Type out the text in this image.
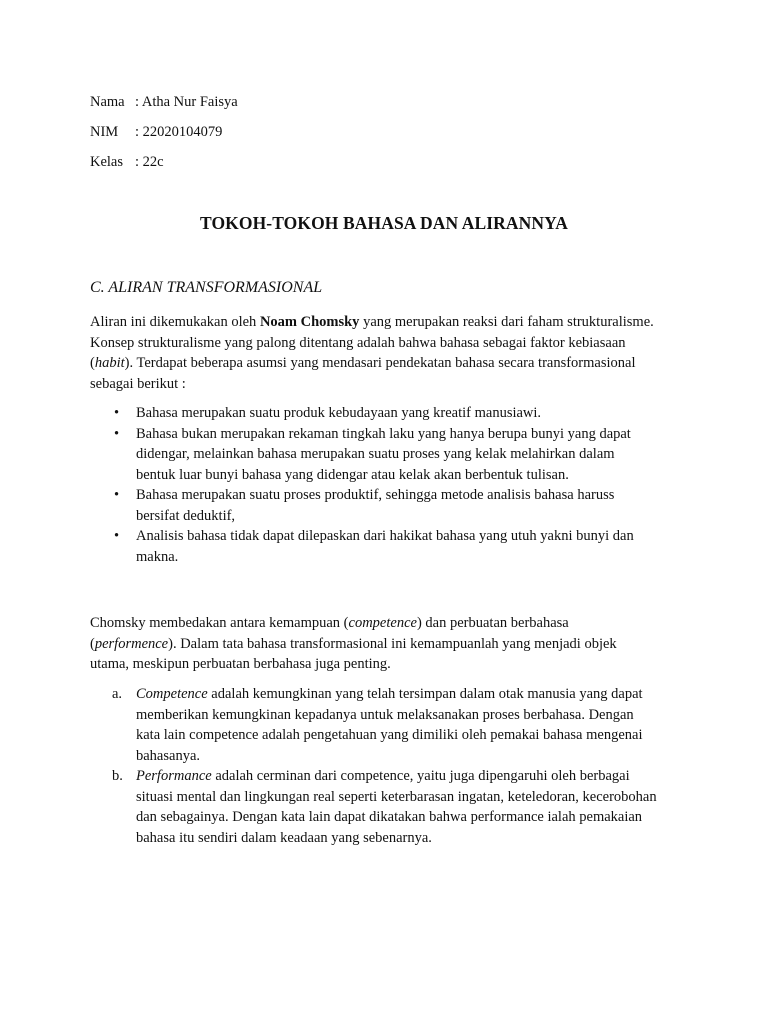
Nama : Atha Nur Faisya
NIM	: 22020104079
Kelas : 22c
TOKOH-TOKOH BAHASA DAN ALIRANNYA
C. ALIRAN TRANSFORMASIONAL

Aliran ini dikemukakan oleh Noam Chomsky yang merupakan reaksi dari faham strukturalisme.
Konsep strukturalisme yang palong ditentang adalah bahwa bahasa sebagai faktor kebiasaan
(habit). Terdapat beberapa asumsi yang mendasari pendekatan bahasa secara transformasional
sebagai berikut :

• Bahasa merupakan suatu produk kebudayaan yang kreatif manusiawi.
• Bahasa bukan merupakan rekaman tingkah laku yang hanya berupa bunyi yang dapat
didengar, melainkan bahasa merupakan suatu proses yang kelak melahirkan dalam
bentuk luar bunyi bahasa yang didengar atau kelak akan berbentuk tulisan.
• Bahasa merupakan suatu proses produktif, sehingga metode analisis bahasa haruss
bersifat deduktif,
• Analisis bahasa tidak dapat dilepaskan dari hakikat bahasa yang utuh yakni bunyi dan
makna.

Chomsky membedakan antara kemampuan (competence) dan perbuatan berbahasa
(performence). Dalam tata bahasa transformasional ini kemampuanlah yang menjadi objek
utama, meskipun perbuatan berbahasa juga penting.

a. Competence adalah kemungkinan yang telah tersimpan dalam otak manusia yang dapat
memberikan kemungkinan kepadanya untuk melaksanakan proses berbahasa. Dengan
kata lain competence adalah pengetahuan yang dimiliki oleh pemakai bahasa mengenai
bahasanya.
b. Performance adalah cerminan dari competence, yaitu juga dipengaruhi oleh berbagai
situasi mental dan lingkungan real seperti keterbarasan ingatan, keteledoran, kecerobohan
dan sebagainya. Dengan kata lain dapat dikatakan bahwa performance ialah pemakaian
bahasa itu sendiri dalam keadaan yang sebenarnya.
